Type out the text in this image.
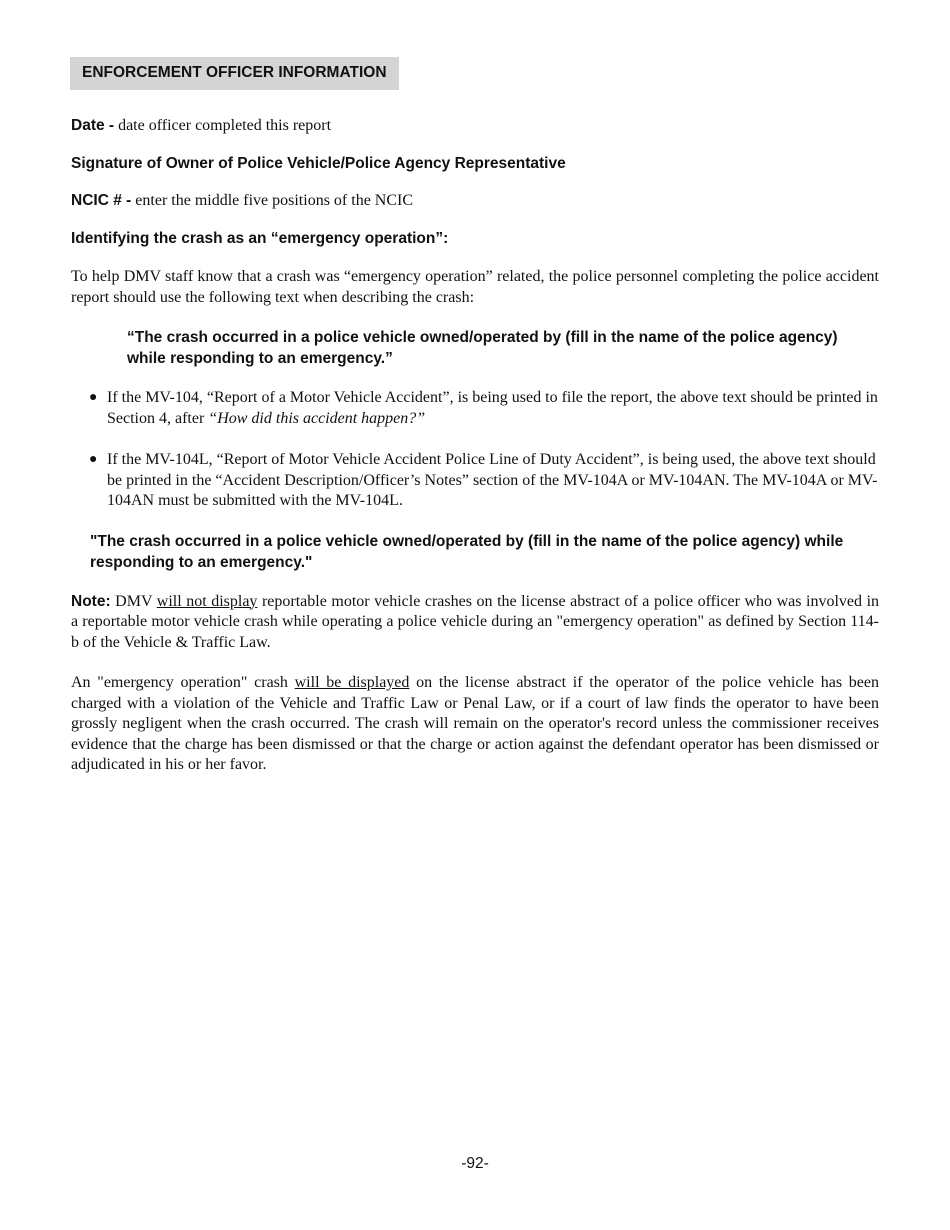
ENFORCEMENT OFFICER INFORMATION

Date - date officer completed this report

Signature of Owner of Police Vehicle/Police Agency Representative

NCIC # - enter the middle five positions of the NCIC

Identifying the crash as an “emergency operation”:

To help DMV staff know that a crash was “emergency operation” related, the police personnel completing the police accident report should use the following text when describing the crash:

“The crash occurred in a police vehicle owned/operated by (fill in the name of the police agency) while responding to an emergency.”

● If the MV-104, “Report of a Motor Vehicle Accident”, is being used to file the report, the above text should be printed in Section 4, after “How did this accident happen?”

● If the MV-104L, “Report of Motor Vehicle Accident Police Line of Duty Accident”, is being used, the above text should be printed in the “Accident Description/Officer’s Notes” section of the MV-104A or MV-104AN. The MV-104A or MV-104AN must be submitted with the MV-104L.

"The crash occurred in a police vehicle owned/operated by (fill in the name of the police agency) while responding to an emergency."

Note: DMV will not display reportable motor vehicle crashes on the license abstract of a police officer who was involved in a reportable motor vehicle crash while operating a police vehicle during an "emergency operation" as defined by Section 114-b of the Vehicle & Traffic Law.

An "emergency operation" crash will be displayed on the license abstract if the operator of the police vehicle has been charged with a violation of the Vehicle and Traffic Law or Penal Law, or if a court of law finds the operator to have been grossly negligent when the crash occurred. The crash will remain on the operator's record unless the commissioner receives evidence that the charge has been dismissed or that the charge or action against the defendant operator has been dismissed or adjudicated in his or her favor.

-92-
